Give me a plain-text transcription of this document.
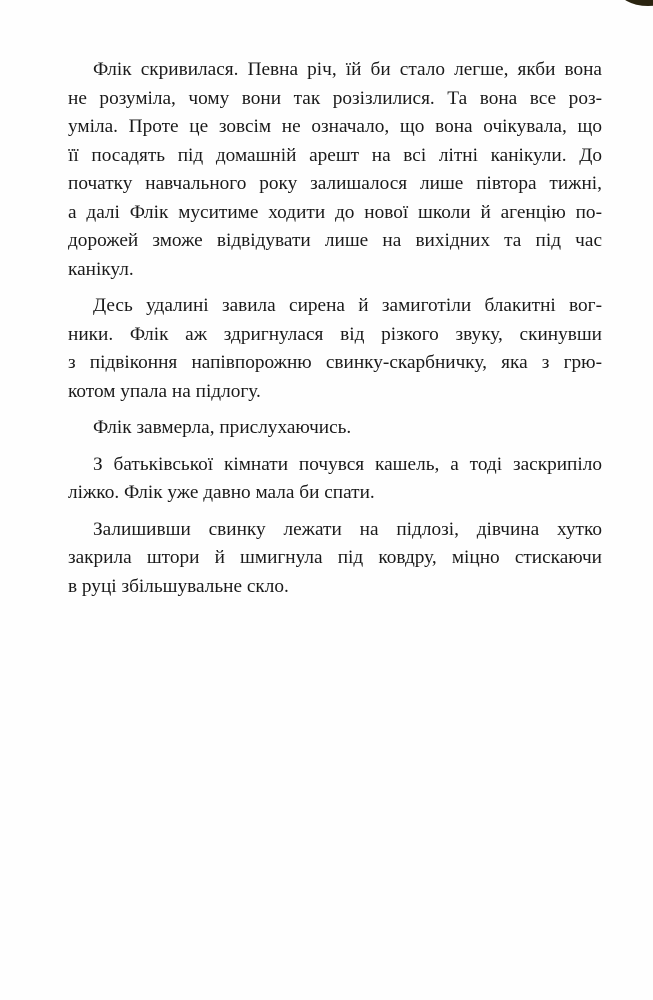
Флік скривилася. Певна річ, їй би стало легше, якби вона
не розуміла, чому вони так розізлилися. Та вона все роз-
уміла. Проте це зовсім не означало, що вона очікувала, що
її посадять під домашній арешт на всі літні канікули. До
початку навчального року залишалося лише півтора тижні,
а далі Флік муситиме ходити до нової школи й агенцію по-
дорожей зможе відвідувати лише на вихідних та під час
канікул.

Десь удалині завила сирена й замиготіли блакитні вог-
ники. Флік аж здригнулася від різкого звуку, скинувши
з підвіконня напівпорожню свинку-скарбничку, яка з грю-
котом упала на підлогу.

Флік завмерла, прислухаючись.

З батьківської кімнати почувся кашель, а тоді заскрипіло
ліжко. Флік уже давно мала би спати.

Залишивши свинку лежати на підлозі, дівчина хутко
закрила штори й шмигнула під ковдру, міцно стискаючи
в руці збільшувальне скло.
